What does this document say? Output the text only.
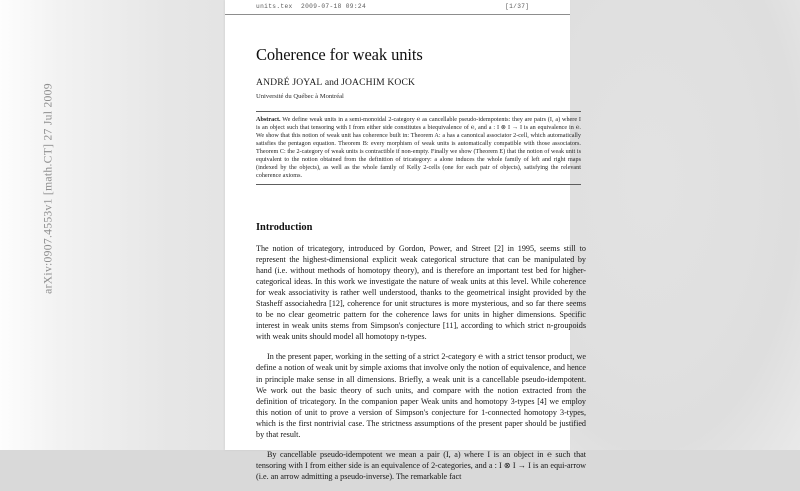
arXiv:0907.4553v1 [math.CT] 27 Jul 2009
units.tex 2009-07-18 09:24	[1/37]
Coherence for weak units
ANDRÉ JOYAL and JOACHIM KOCK
Université du Québec à Montréal

Abstract. We define weak units in a semi-monoidal 2-category ℮ as cancellable pseudo-idempotents: they are pairs (I, a) where I is an object such that tensoring with I from either side constitutes a biequivalence of ℮, and a : I ⊗ I → I is an equivalence in ℮. We show that this notion of weak unit has coherence built in: Theorem A: a has a canonical associator 2-cell, which automatically satisfies the pentagon equation. Theorem B: every morphism of weak units is automatically compatible with those associators. Theorem C: the 2-category of weak units is contractible if non-empty. Finally we show (Theorem E) that the notion of weak unit is equivalent to the notion obtained from the definition of tricategory: a alone induces the whole family of left and right maps (indexed by the objects), as well as the whole family of Kelly 2-cells (one for each pair of objects), satisfying the relevant coherence axioms.

Introduction

The notion of tricategory, introduced by Gordon, Power, and Street [2] in 1995, seems still to represent the highest-dimensional explicit weak categorical structure that can be manipulated by hand (i.e. without methods of homotopy theory), and is therefore an important test bed for higher-categorical ideas. In this work we investigate the nature of weak units at this level. While coherence for weak associativity is rather well understood, thanks to the geometrical insight provided by the Stasheff associahedra [12], coherence for unit structures is more mysterious, and so far there seems to be no clear geometric pattern for the coherence laws for units in higher dimensions. Specific interest in weak units stems from Simpson's conjecture [11], according to which strict n-groupoids with weak units should model all homotopy n-types.

In the present paper, working in the setting of a strict 2-category ℮ with a strict tensor product, we define a notion of weak unit by simple axioms that involve only the notion of equivalence, and hence in principle make sense in all dimensions. Briefly, a weak unit is a cancellable pseudo-idempotent. We work out the basic theory of such units, and compare with the notion extracted from the definition of tricategory. In the companion paper Weak units and homotopy 3-types [4] we employ this notion of unit to prove a version of Simpson's conjecture for 1-connected homotopy 3-types, which is the first nontrivial case. The strictness assumptions of the present paper should be justified by that result.

By cancellable pseudo-idempotent we mean a pair (I, a) where I is an object in ℮ such that tensoring with I from either side is an equivalence of 2-categories, and a : I ⊗ I → I is an equi-arrow (i.e. an arrow admitting a pseudo-inverse). The remarkable fact
